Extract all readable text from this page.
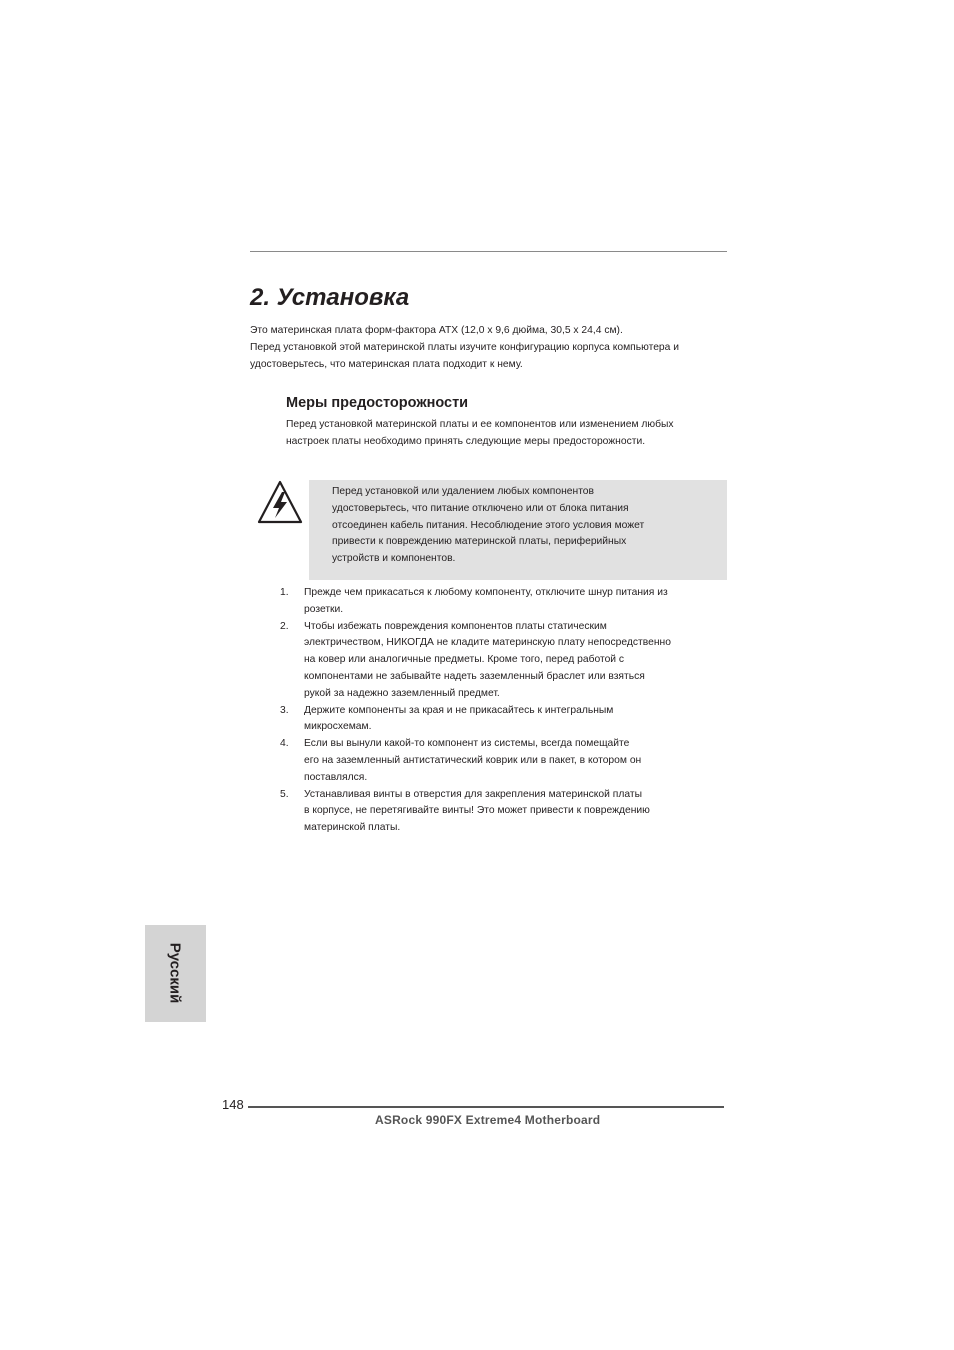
2. Установка

Это материнская плата форм-фактора ATX (12,0 x 9,6 дюйма, 30,5 x 24,4 см).

Перед установкой этой материнской платы изучите конфигурацию корпуса компьютера и

удостоверьтесь, что материнская плата подходит к нему.

Меры предосторожности

Перед установкой материнской платы и ее компонентов или изменением любых

настроек платы необходимо принять следующие меры предосторожности.

Перед установкой или удалением любых компонентов
удостоверьтесь, что питание отключено или от блока питания
отсоединен кабель питания. Несоблюдение этого условия может
привести к повреждению материнской платы, периферийных
устройств и компонентов.
1. Прежде чем прикасаться к любому компоненту, отключите шнур питания из
розетки.
2. Чтобы избежать повреждения компонентов платы статическим
электричеством, НИКОГДА не кладите материнскую плату непосредственно
на ковер или аналогичные предметы. Кроме того, перед работой с
компонентами не забывайте надеть заземленный браслет или взяться
рукой за надежно заземленный предмет.
3. Держите компоненты за края и не прикасайтесь к интегральным
микросхемам.
4. Если вы вынули какой-то компонент из системы, всегда помещайте
его на заземленный антистатический коврик или в пакет, в котором он
поставлялся.
5. Устанавливая винты в отверстия для закрепления материнской платы
в корпусе, не перетягивайте винты! Это может привести к повреждению
материнской платы.
Русский
148
ASRock 990FX Extreme4 Motherboard
